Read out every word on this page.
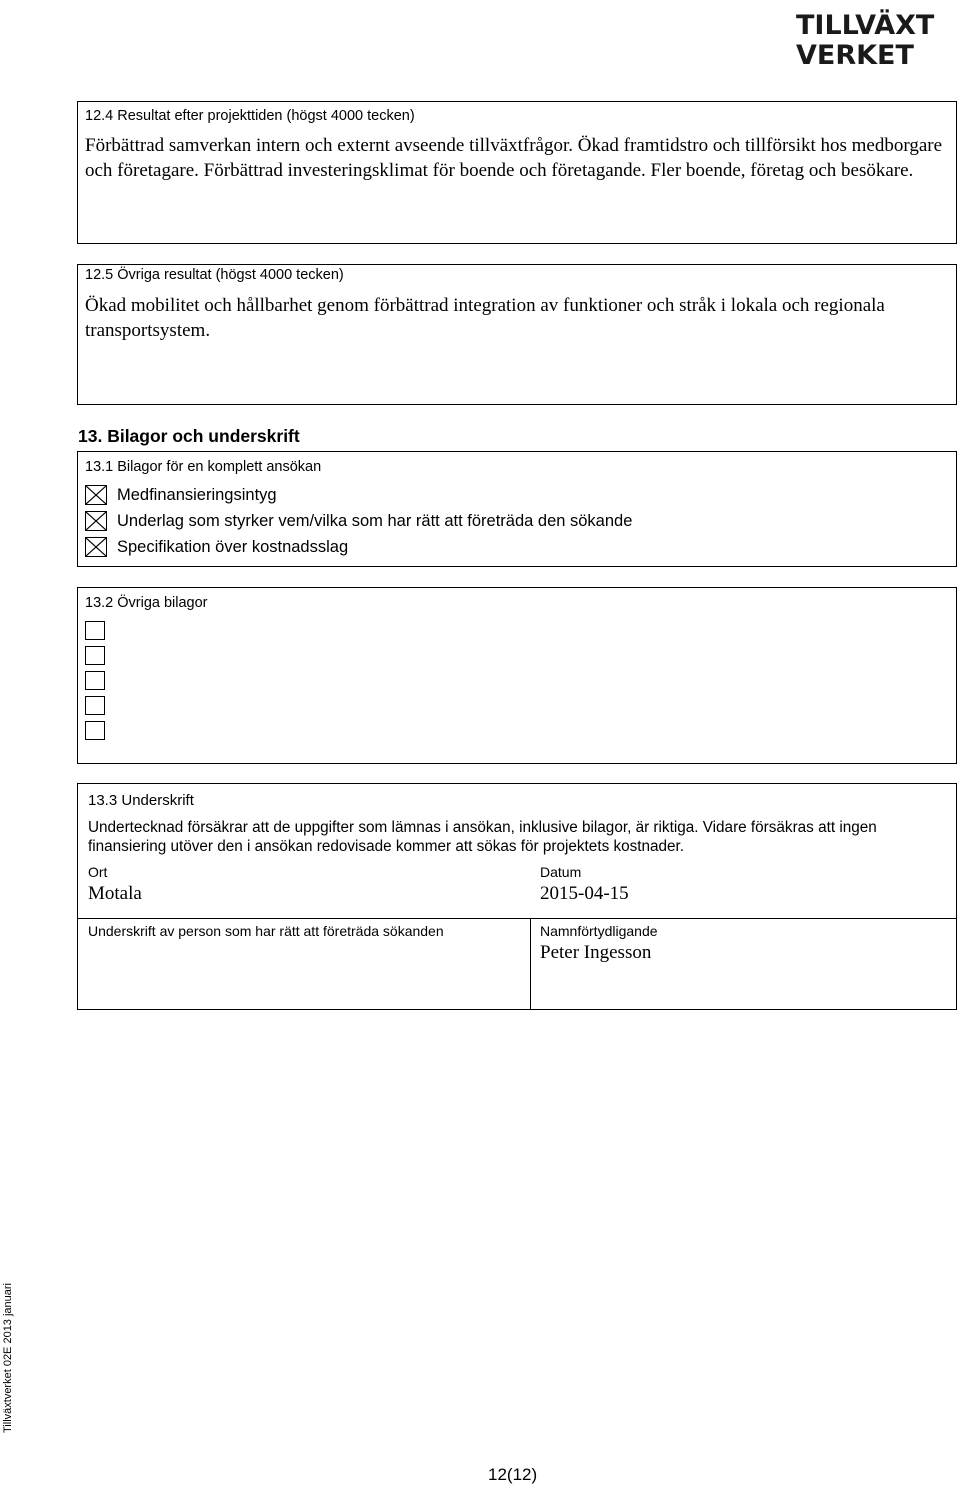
TILLVÄXT
VERKET
12.4 Resultat efter projekttiden (högst 4000 tecken)
Förbättrad samverkan intern och externt avseende tillväxtfrågor. Ökad framtidstro och tillförsikt hos medborgare och företagare. Förbättrad investeringsklimat för boende och företagande. Fler boende, företag och besökare.
12.5 Övriga resultat (högst 4000 tecken)
Ökad mobilitet och hållbarhet genom förbättrad integration av funktioner och stråk i lokala och regionala transportsystem.
13. Bilagor och underskrift
13.1 Bilagor för en komplett ansökan
Medfinansieringsintyg
Underlag som styrker vem/vilka som har rätt att företräda den sökande
Specifikation över kostnadsslag
13.2 Övriga bilagor
13.3 Underskrift
Undertecknad försäkrar att de uppgifter som lämnas i ansökan, inklusive bilagor, är riktiga. Vidare försäkras att ingen finansiering utöver den i ansökan redovisade kommer att sökas för projektets kostnader.
Ort
Motala
Datum
2015-04-15
Underskrift av person som har rätt att företräda sökanden	Namnförtydligande
Peter Ingesson
Tillväxtverket 02E 2013 januari
12(12)
